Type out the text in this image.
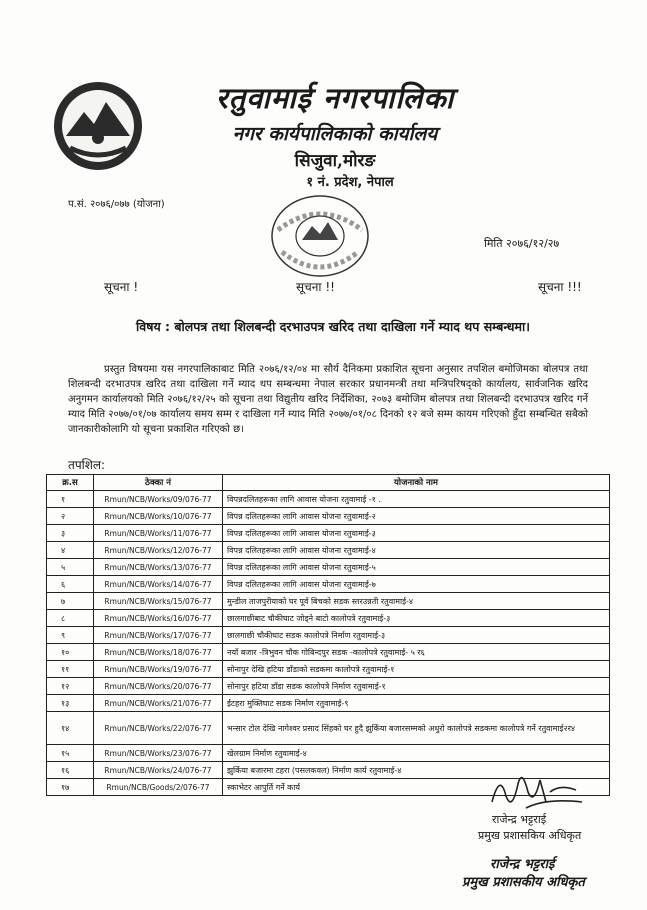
रतुवामाई नगरपालिका
नगर कार्यपालिकाको कार्यालय
सिजुवा,मोरङ
१ नं. प्रदेश, नेपाल
प.सं. २०७६/०७७ (योजना)
मिति २०७६/१२/२७
सूचना !	सूचना !!	सूचना !!!
विषय : बोलपत्र तथा शिलबन्दी दरभाउपत्र खरिद तथा दाखिला गर्ने म्याद थप सम्बन्धमा।
प्रस्तुत विषयमा यस नगरपालिकाबाट मिति २०७६/१२/०४ मा सौर्य दैनिकमा प्रकाशित सूचना अनुसार तपशिल बमोजिमका बोलपत्र तथा शिलबन्दी दरभाउपत्र खरिद तथा दाखिला गर्ने म्याद थप सम्बन्धमा नेपाल सरकार प्रधानमन्त्री तथा मन्त्रिपरिषद्को कार्यालय, सार्वजनिक खरिद अनुगमन कार्यालयको मिति २०७६/१२/२५ को सूचना तथा विद्युतीय खरिद निर्देशिका, २०७३ बमोजिम बोलपत्र तथा शिलबन्दी दरभाउपत्र खरिद गर्ने म्याद मिति २०७७/०१/०७ कार्यालय समय सम्म र दाखिला गर्ने म्याद मिति २०७७/०१/०८ दिनको १२ बजे सम्म कायम गरिएको हुँदा सम्बन्धित सबैको जानकारीकोलागि यो सूचना प्रकाशित गरिएको छ।
तपशिल:
क्र.स	ठेक्का नं	योजनाको नाम
१	Rmun/NCB/Works/09/076-77	विपन्नदलितहरूका लागि आवास योजना रतुवामाई -१ .
२	Rmun/NCB/Works/10/076-77	विपन्न दलितहरूका लागि आवास योजना रतुवामाई-२
३	Rmun/NCB/Works/11/076-77	विपन्न दलितहरूका लागि आवास योजना रतुवामाई-३
४	Rmun/NCB/Works/12/076-77	विपन्न दलितहरूका लागि आवास योजना रतुवामाई-४
५	Rmun/NCB/Works/13/076-77	विपन्न दलितहरूका लागि आवास योजना रतुवामाई-५
६	Rmun/NCB/Works/14/076-77	विपन्न दलितहरूका लागि आवास योजना रतुवामाई-७
७	Rmun/NCB/Works/15/076-77	मुन्डील ताजपुरीयाको घर पूर्व बिचको सडक स्तरउन्नती रतुवामाई-४
८	Rmun/NCB/Works/16/076-77	छालगाछीबाट चौकीघाट जोड्ने बाटो कालोपत्रे रतुवामाई-३
९	Rmun/NCB/Works/17/076-77	छालगाछी चौकीघाट सडक कालोपत्रे निर्माण रतुवामाई-३
१०	Rmun/NCB/Works/18/076-77	नयाँ बजार -त्रिभुवन चौक गोबिन्दपुर सडक -कालोपत्रे रतुवामाई- ५ र६
११	Rmun/NCB/Works/19/076-77	सोनापुर देखि हटिया डाँडाको सडकमा कालोपत्रे रतुवामाई-१
१२	Rmun/NCB/Works/20/076-77	सोनापुर हटिया डाँडा सडक कालोपत्रे निर्माण रतुवामाई-१
१३	Rmun/NCB/Works/21/076-77	ईटहरा मुक्तिघाट सडक निर्माण रतुवामाई-९
१४	Rmun/NCB/Works/22/076-77	भन्सार टोल देखि नागेश्वर प्रसाद सिंहको घर हुदै झुर्किया बजारसम्मको अधुरो कालोपत्रे सडकमा कालोपत्रे गर्ने रतुवामाई२र४
१५	Rmun/NCB/Works/23/076-77	खेलग्राम निर्माण रतुवामाई-४
१६	Rmun/NCB/Works/24/076-77	झुर्किया बजारमा टहरा (पसलकवल) निर्माण कार्य रतुवामाई-४
१७	Rmun/NCB/Goods/2/076-77	स्काभेटर आपुर्ति गर्ने कार्य
राजेन्द्र भट्टराई
प्रमुख प्रशासकिय अधिकृत
राजेन्द्र भट्टराई
प्रमुख प्रशासकीय अधिकृत
